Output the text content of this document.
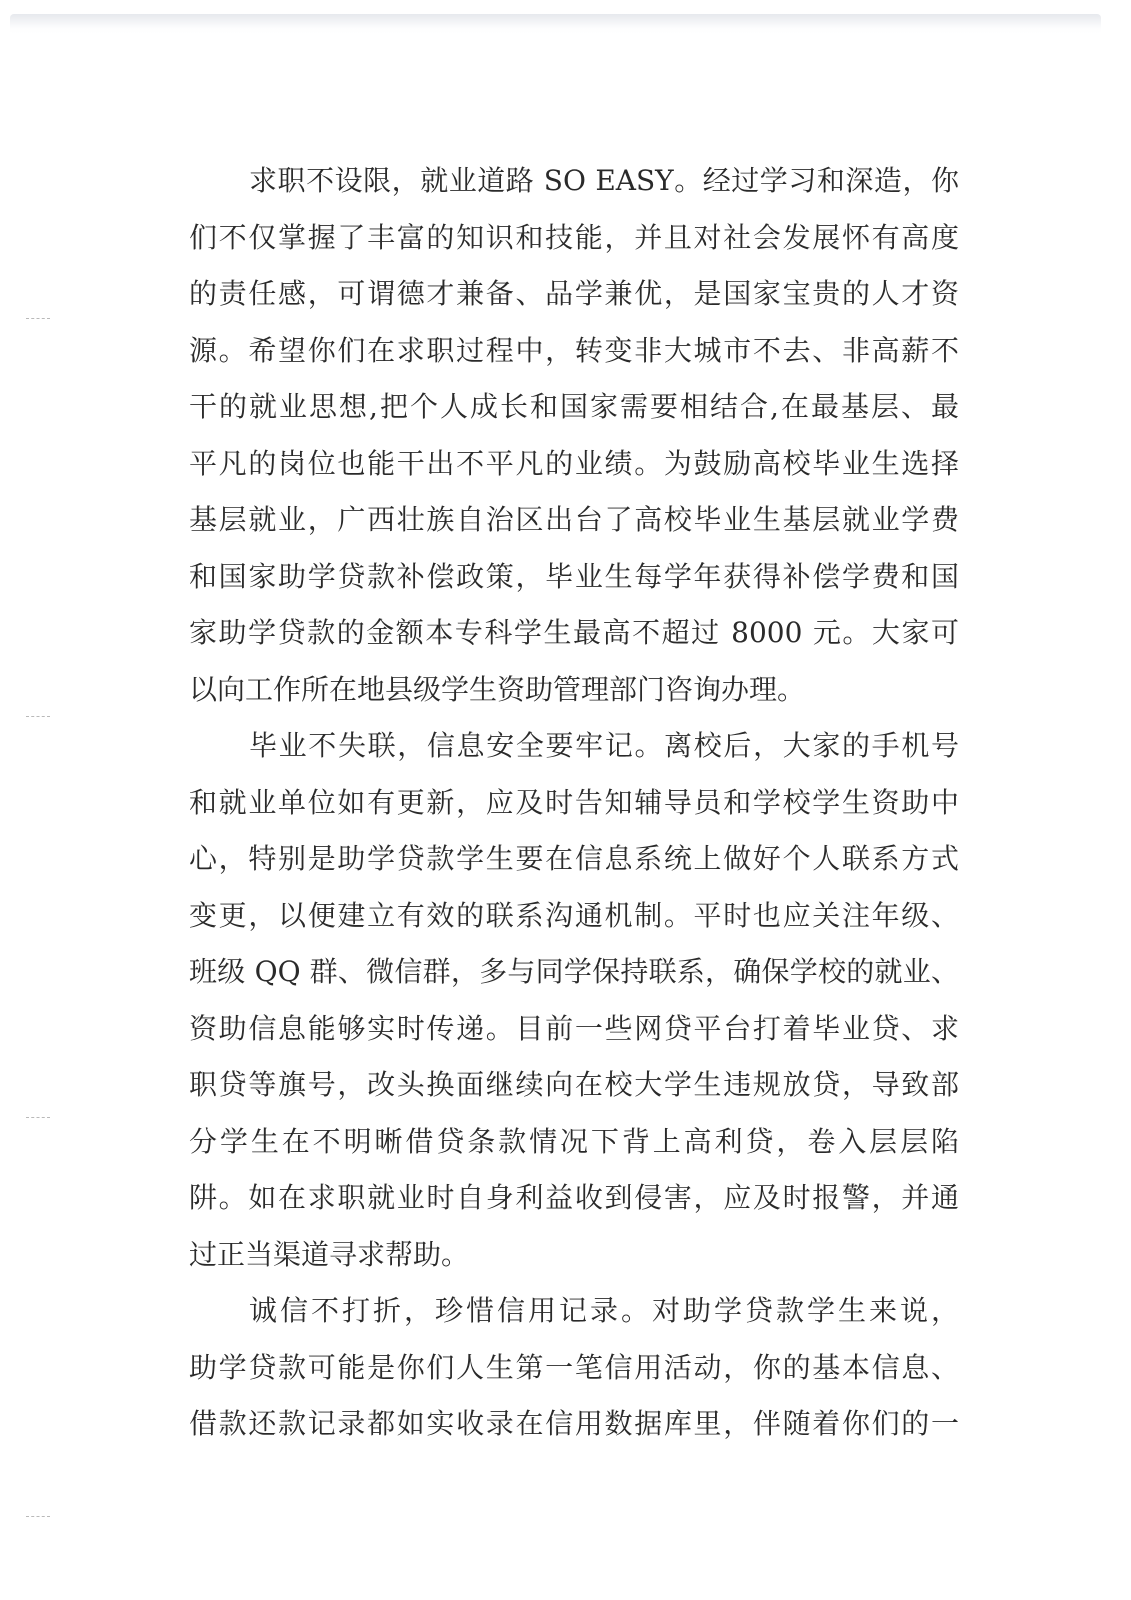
求职不设限，就业道路 SO EASY。经过学习和深造，你
们不仅掌握了丰富的知识和技能，并且对社会发展怀有高度
的责任感，可谓德才兼备、品学兼优，是国家宝贵的人才资
源。希望你们在求职过程中，转变非大城市不去、非高薪不
干的就业思想,把个人成长和国家需要相结合,在最基层、最
平凡的岗位也能干出不平凡的业绩。为鼓励高校毕业生选择
基层就业，广西壮族自治区出台了高校毕业生基层就业学费
和国家助学贷款补偿政策，毕业生每学年获得补偿学费和国
家助学贷款的金额本专科学生最高不超过 8000 元。大家可
以向工作所在地县级学生资助管理部门咨询办理。
毕业不失联，信息安全要牢记。离校后，大家的手机号
和就业单位如有更新，应及时告知辅导员和学校学生资助中
心，特别是助学贷款学生要在信息系统上做好个人联系方式
变更，以便建立有效的联系沟通机制。平时也应关注年级、
班级 QQ 群、微信群，多与同学保持联系，确保学校的就业、
资助信息能够实时传递。目前一些网贷平台打着毕业贷、求
职贷等旗号，改头换面继续向在校大学生违规放贷，导致部
分学生在不明晰借贷条款情况下背上高利贷，卷入层层陷
阱。如在求职就业时自身利益收到侵害，应及时报警，并通
过正当渠道寻求帮助。
诚信不打折，珍惜信用记录。对助学贷款学生来说，
助学贷款可能是你们人生第一笔信用活动，你的基本信息、
借款还款记录都如实收录在信用数据库里，伴随着你们的一
